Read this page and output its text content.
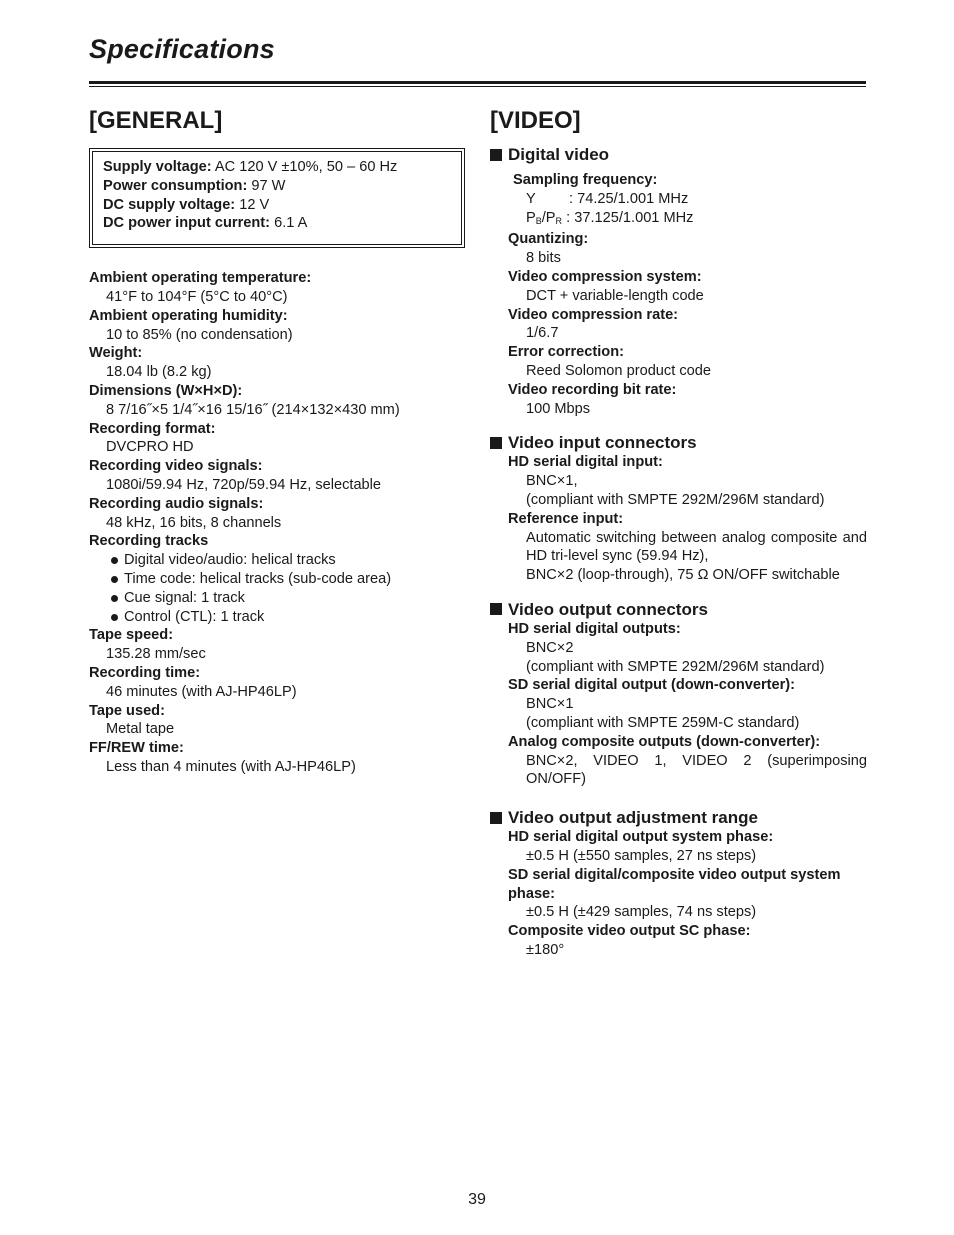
Specifications
[GENERAL]
Supply voltage: AC 120 V ±10%, 50 – 60 Hz
Power consumption: 97 W
DC supply voltage: 12 V
DC power input current: 6.1 A
Ambient operating temperature:
41°F to 104°F (5°C to 40°C)
Ambient operating humidity:
10 to 85% (no condensation)
Weight:
18.04 lb (8.2 kg)
Dimensions (W×H×D):
8 7/16˝×5 1/4˝×16 15/16˝ (214×132×430 mm)
Recording format:
DVCPRO HD
Recording video signals:
1080i/59.94 Hz, 720p/59.94 Hz, selectable
Recording audio signals:
48 kHz, 16 bits, 8 channels
Recording tracks
Digital video/audio: helical tracks
Time code: helical tracks (sub-code area)
Cue signal: 1 track
Control (CTL): 1 track
Tape speed:
135.28 mm/sec
Recording time:
46 minutes (with AJ-HP46LP)
Tape used:
Metal tape
FF/REW time:
Less than 4 minutes (with AJ-HP46LP)
[VIDEO]
Digital video
Sampling frequency:
Y : 74.25/1.001 MHz
$P_B/P_R$ : 37.125/1.001 MHz
Quantizing:
8 bits
Video compression system:
DCT + variable-length code
Video compression rate:
1/6.7
Error correction:
Reed Solomon product code
Video recording bit rate:
100 Mbps
Video input connectors
HD serial digital input:
BNC×1,
(compliant with SMPTE 292M/296M standard)
Reference input:
Automatic switching between analog composite and HD tri-level sync (59.94 Hz),
BNC×2 (loop-through), 75 Ω ON/OFF switchable
Video output connectors
HD serial digital outputs:
BNC×2
(compliant with SMPTE 292M/296M standard)
SD serial digital output (down-converter):
BNC×1
(compliant with SMPTE 259M-C standard)
Analog composite outputs (down-converter):
BNC×2, VIDEO 1, VIDEO 2 (superimposing ON/OFF)
Video output adjustment range
HD serial digital output system phase:
±0.5 H (±550 samples, 27 ns steps)
SD serial digital/composite video output system phase:
±0.5 H (±429 samples, 74 ns steps)
Composite video output SC phase:
±180°
39
